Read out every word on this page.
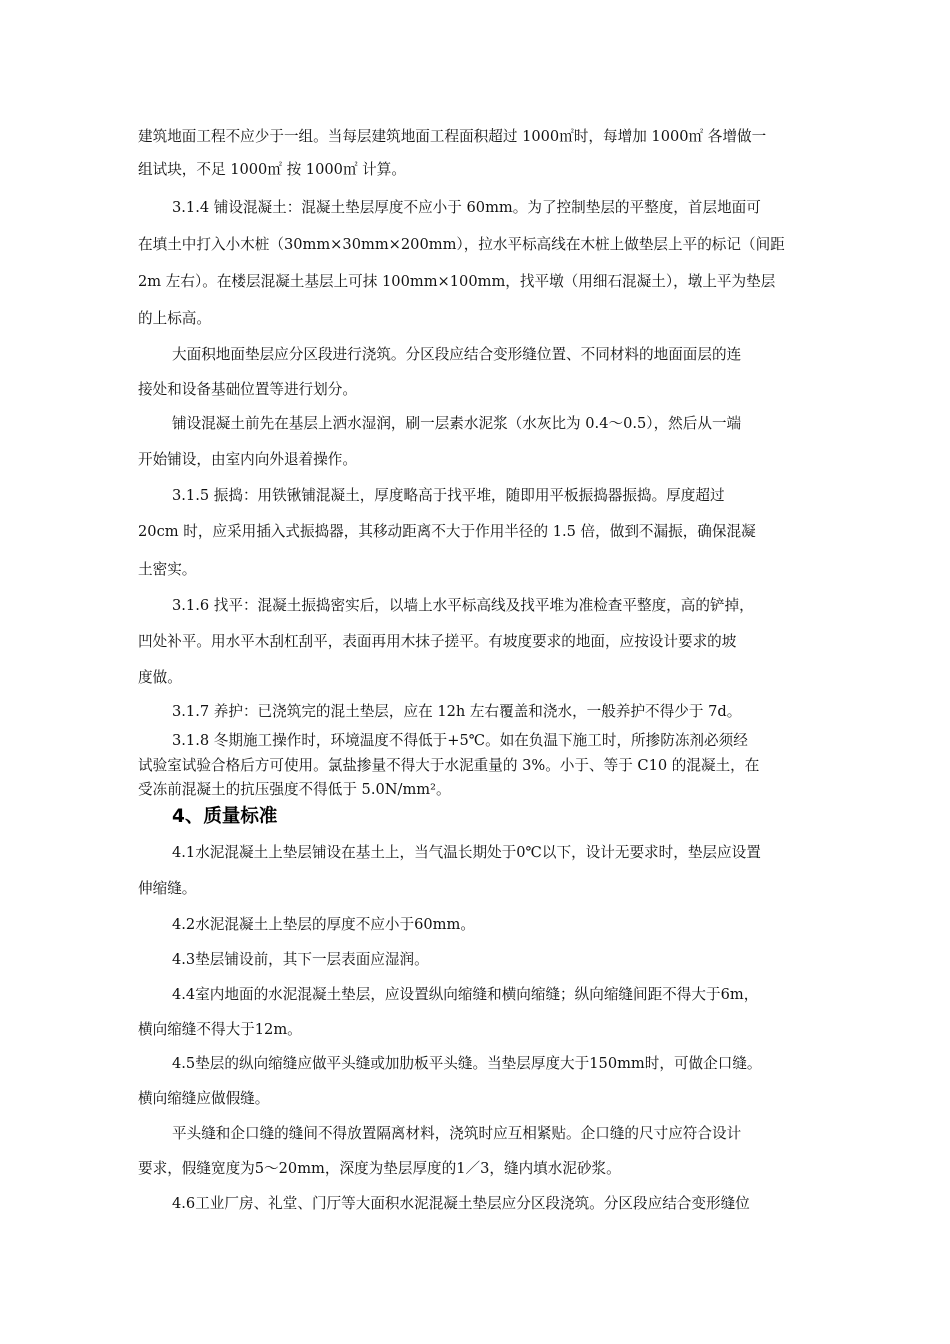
建筑地面工程不应少于一组。当每层建筑地面工程面积超过 1000㎡时，每增加 1000㎡ 各增做一
组试块，不足 1000㎡ 按 1000㎡ 计算。
3.1.4 铺设混凝土：混凝土垫层厚度不应小于 60mm。为了控制垫层的平整度，首层地面可
在填土中打入小木桩（30mm×30mm×200mm），拉水平标高线在木桩上做垫层上平的标记（间距
2m 左右）。在楼层混凝土基层上可抹 100mm×100mm，找平墩（用细石混凝土），墩上平为垫层
的上标高。
大面积地面垫层应分区段进行浇筑。分区段应结合变形缝位置、不同材料的地面面层的连
接处和设备基础位置等进行划分。
铺设混凝土前先在基层上洒水湿润，刷一层素水泥浆（水灰比为 0.4～0.5），然后从一端
开始铺设，由室内向外退着操作。
3.1.5 振捣：用铁锹铺混凝土，厚度略高于找平堆，随即用平板振捣器振捣。厚度超过
20cm 时，应采用插入式振捣器，其移动距离不大于作用半径的 1.5 倍，做到不漏振，确保混凝
土密实。
3.1.6 找平：混凝土振捣密实后，以墙上水平标高线及找平堆为准检查平整度，高的铲掉，
凹处补平。用水平木刮杠刮平，表面再用木抹子搓平。有坡度要求的地面，应按设计要求的坡
度做。
3.1.7 养护：已浇筑完的混土垫层，应在 12h 左右覆盖和浇水，一般养护不得少于 7d。
3.1.8 冬期施工操作时，环境温度不得低于+5℃。如在负温下施工时，所掺防冻剂必须经
试验室试验合格后方可使用。氯盐掺量不得大于水泥重量的 3%。小于、等于 C10 的混凝土，在
受冻前混凝土的抗压强度不得低于 5.0N/mm²。
4、质量标准
4.1水泥混凝土上垫层铺设在基土上，当气温长期处于0℃以下，设计无要求时，垫层应设置
伸缩缝。
4.2水泥混凝土上垫层的厚度不应小于60mm。
4.3垫层铺设前，其下一层表面应湿润。
4.4室内地面的水泥混凝土垫层，应设置纵向缩缝和横向缩缝；纵向缩缝间距不得大于6m，
横向缩缝不得大于12m。
4.5垫层的纵向缩缝应做平头缝或加肋板平头缝。当垫层厚度大于150mm时，可做企口缝。
横向缩缝应做假缝。
平头缝和企口缝的缝间不得放置隔离材料，浇筑时应互相紧贴。企口缝的尺寸应符合设计
要求，假缝宽度为5～20mm，深度为垫层厚度的1／3，缝内填水泥砂浆。
4.6工业厂房、礼堂、门厅等大面积水泥混凝土垫层应分区段浇筑。分区段应结合变形缝位
